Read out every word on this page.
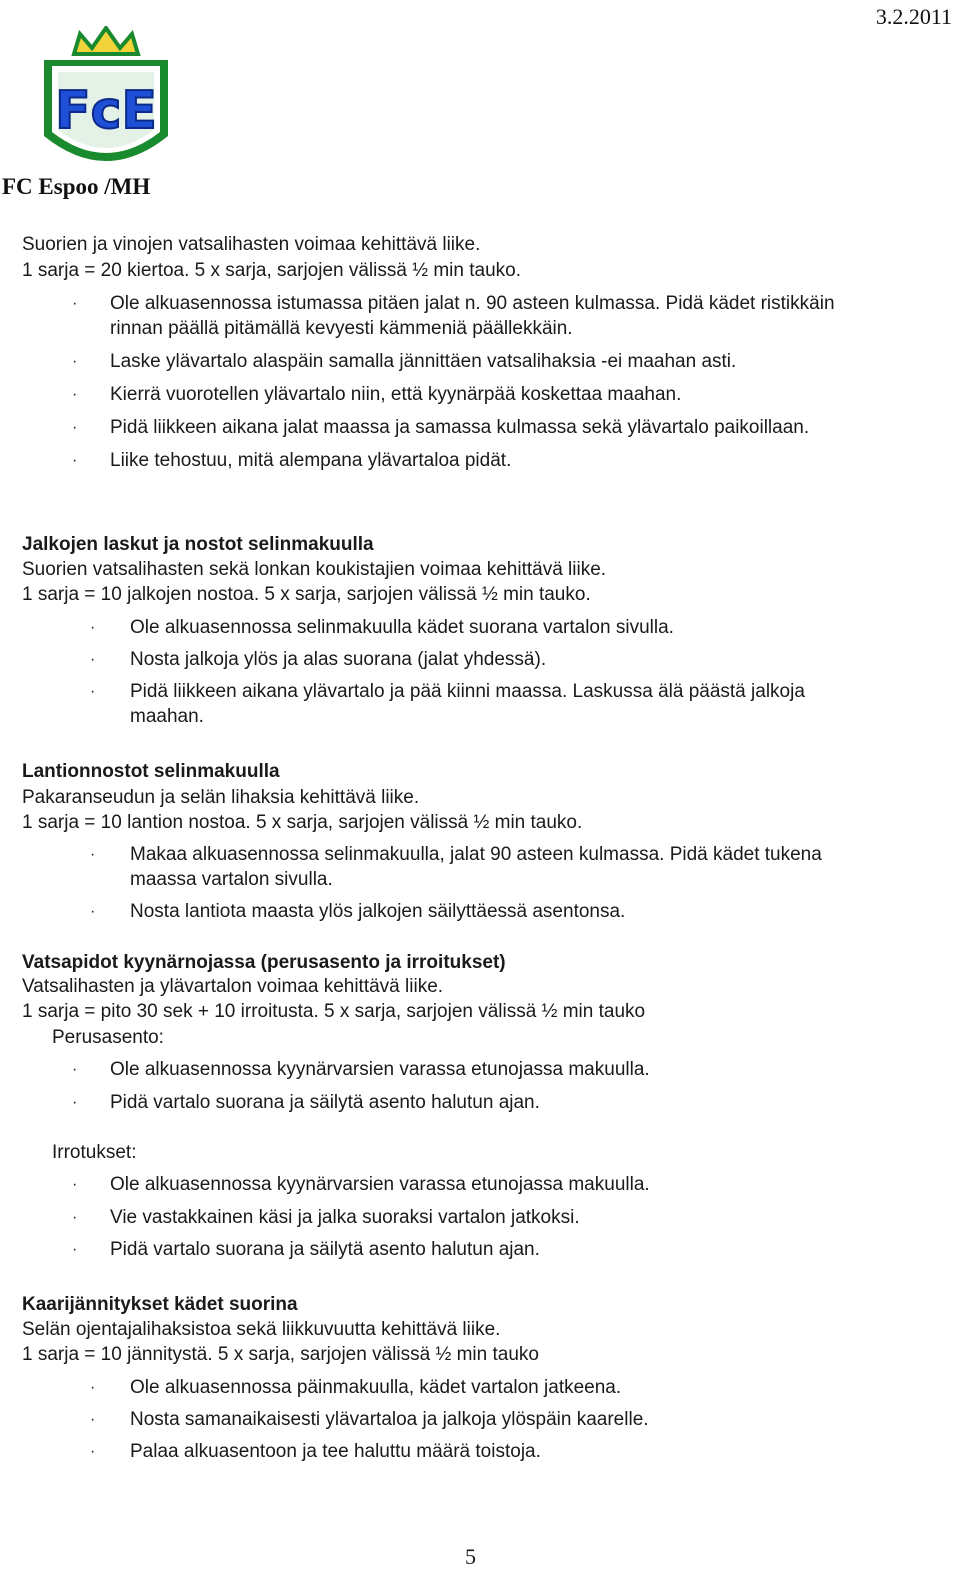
3.2.2011
FcE
FC Espoo /MH
Suorien ja vinojen vatsalihasten voimaa kehittävä liike.
1 sarja = 20 kiertoa. 5 x sarja, sarjojen välissä ½ min tauko.
· Ole alkuasennossa istumassa pitäen jalat n. 90 asteen kulmassa. Pidä kädet ristikkäin
rinnan päällä pitämällä kevyesti kämmeniä päällekkäin.
· Laske ylävartalo alaspäin samalla jännittäen vatsalihaksia -ei maahan asti.
· Kierrä vuorotellen ylävartalo niin, että kyynärpää koskettaa maahan.
· Pidä liikkeen aikana jalat maassa ja samassa kulmassa sekä ylävartalo paikoillaan.
· Liike tehostuu, mitä alempana ylävartaloa pidät.
Jalkojen laskut ja nostot selinmakuulla
Suorien vatsalihasten sekä lonkan koukistajien voimaa kehittävä liike.
1 sarja = 10 jalkojen nostoa. 5 x sarja, sarjojen välissä ½ min tauko.
· Ole alkuasennossa selinmakuulla kädet suorana vartalon sivulla.
· Nosta jalkoja ylös ja alas suorana (jalat yhdessä).
· Pidä liikkeen aikana ylävartalo ja pää kiinni maassa. Laskussa älä päästä jalkoja
maahan.
Lantionnostot selinmakuulla
Pakaranseudun ja selän lihaksia kehittävä liike.
1 sarja = 10 lantion nostoa. 5 x sarja, sarjojen välissä ½ min tauko.
· Makaa alkuasennossa selinmakuulla, jalat 90 asteen kulmassa. Pidä kädet tukena
maassa vartalon sivulla.
· Nosta lantiota maasta ylös jalkojen säilyttäessä asentonsa.
Vatsapidot kyynärnojassa (perusasento ja irroitukset)
Vatsalihasten ja ylävartalon voimaa kehittävä liike.
1 sarja = pito 30 sek + 10 irroitusta. 5 x sarja, sarjojen välissä ½ min tauko
Perusasento:
· Ole alkuasennossa kyynärvarsien varassa etunojassa makuulla.
· Pidä vartalo suorana ja säilytä asento halutun ajan.
Irrotukset:
· Ole alkuasennossa kyynärvarsien varassa etunojassa makuulla.
· Vie vastakkainen käsi ja jalka suoraksi vartalon jatkoksi.
· Pidä vartalo suorana ja säilytä asento halutun ajan.
Kaarijännitykset kädet suorina
Selän ojentajalihaksistoa sekä liikkuvuutta kehittävä liike.
1 sarja = 10 jännitystä. 5 x sarja, sarjojen välissä ½ min tauko
· Ole alkuasennossa päinmakuulla, kädet vartalon jatkeena.
· Nosta samanaikaisesti ylävartaloa ja jalkoja ylöspäin kaarelle.
· Palaa alkuasentoon ja tee haluttu määrä toistoja.
5
